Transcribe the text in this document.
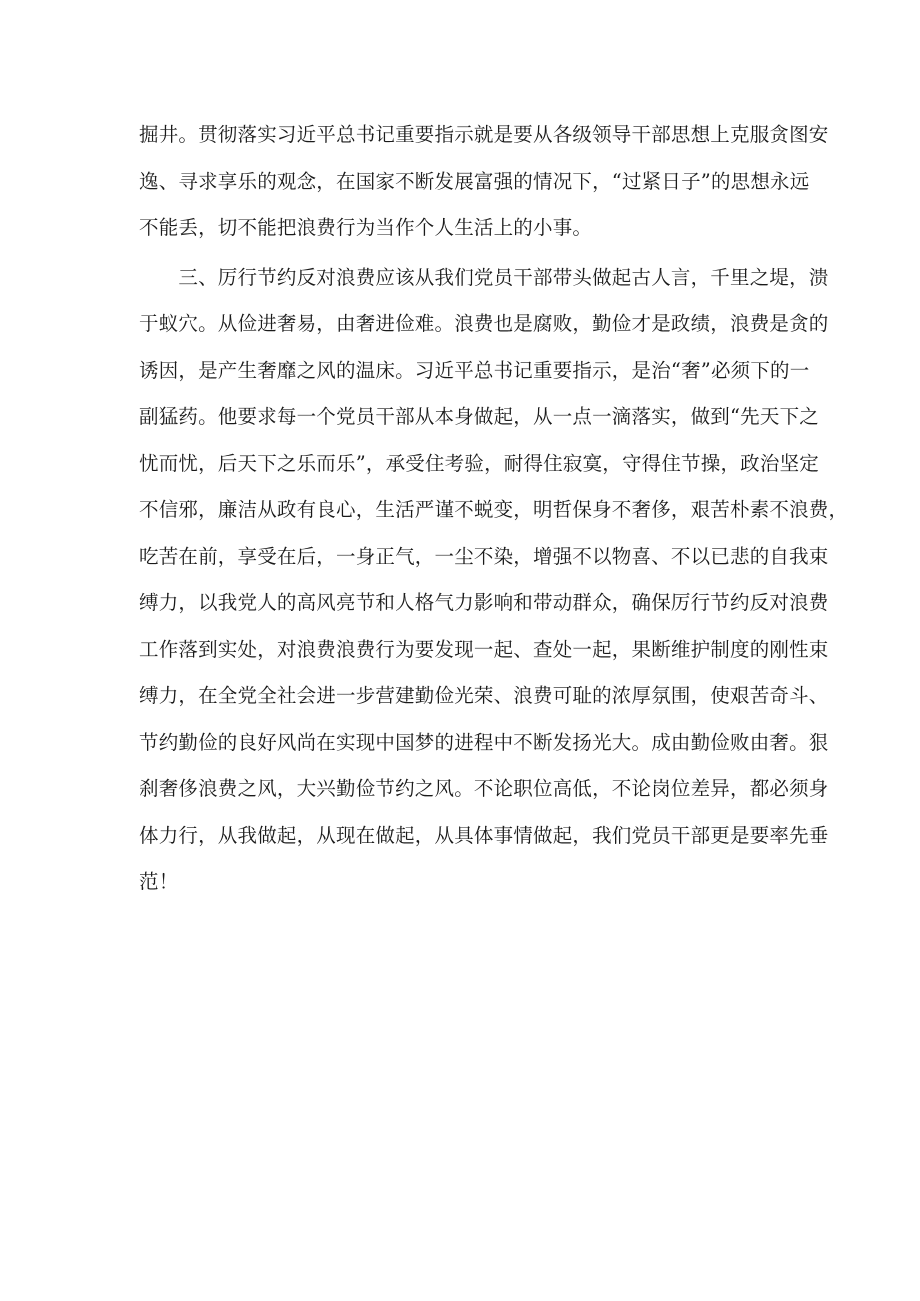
掘井。贯彻落实习近平总书记重要指示就是要从各级领导干部思想上克服贪图安
逸、寻求享乐的观念，在国家不断发展富强的情况下，“过紧日子”的思想永远
不能丢，切不能把浪费行为当作个人生活上的小事。
　　三、厉行节约反对浪费应该从我们党员干部带头做起古人言，千里之堤，溃
于蚁穴。从俭进奢易，由奢进俭难。浪费也是腐败，勤俭才是政绩，浪费是贪的
诱因，是产生奢靡之风的温床。习近平总书记重要指示，是治“奢”必须下的一
副猛药。他要求每一个党员干部从本身做起，从一点一滴落实，做到“先天下之
忧而忧，后天下之乐而乐”，承受住考验，耐得住寂寞，守得住节操，政治坚定
不信邪，廉洁从政有良心，生活严谨不蜕变，明哲保身不奢侈，艰苦朴素不浪费，
吃苦在前，享受在后，一身正气，一尘不染，增强不以物喜、不以已悲的自我束
缚力，以我党人的高风亮节和人格气力影响和带动群众，确保厉行节约反对浪费
工作落到实处，对浪费浪费行为要发现一起、查处一起，果断维护制度的刚性束
缚力，在全党全社会进一步营建勤俭光荣、浪费可耻的浓厚氛围，使艰苦奇斗、
节约勤俭的良好风尚在实现中国梦的进程中不断发扬光大。成由勤俭败由奢。狠
刹奢侈浪费之风，大兴勤俭节约之风。不论职位高低，不论岗位差异，都必须身
体力行，从我做起，从现在做起，从具体事情做起，我们党员干部更是要率先垂
范！
